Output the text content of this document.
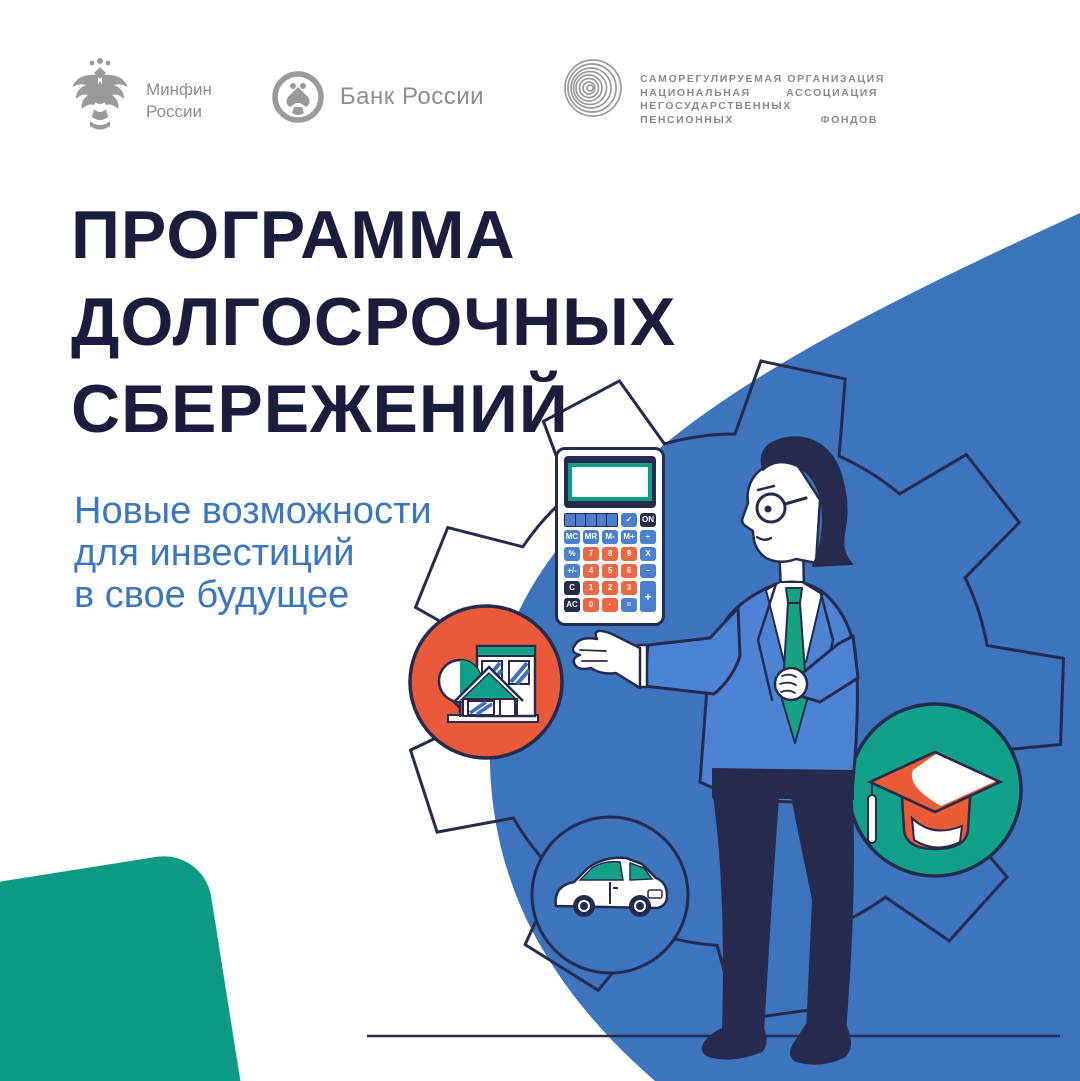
Минфин
России
Банк России
САМОРЕГУЛИРУЕМАЯ ОРГАНИЗАЦИЯ
НАЦИОНАЛЬНАЯ АССОЦИАЦИЯ
НЕГОСУДАРСТВЕННЫХ
ПЕНСИОННЫХ ФОНДОВ
ПРОГРАММА
ДОЛГОСРОЧНЫХ
СБЕРЕЖЕНИЙ
Новые возможности
для инвестиций
в свое будущее
✓	ON
MC MR	M-	M+	÷
%	7	8	9	X
+/-	4	5	6	−
C	1	2	3
+
AC	0	·	=
